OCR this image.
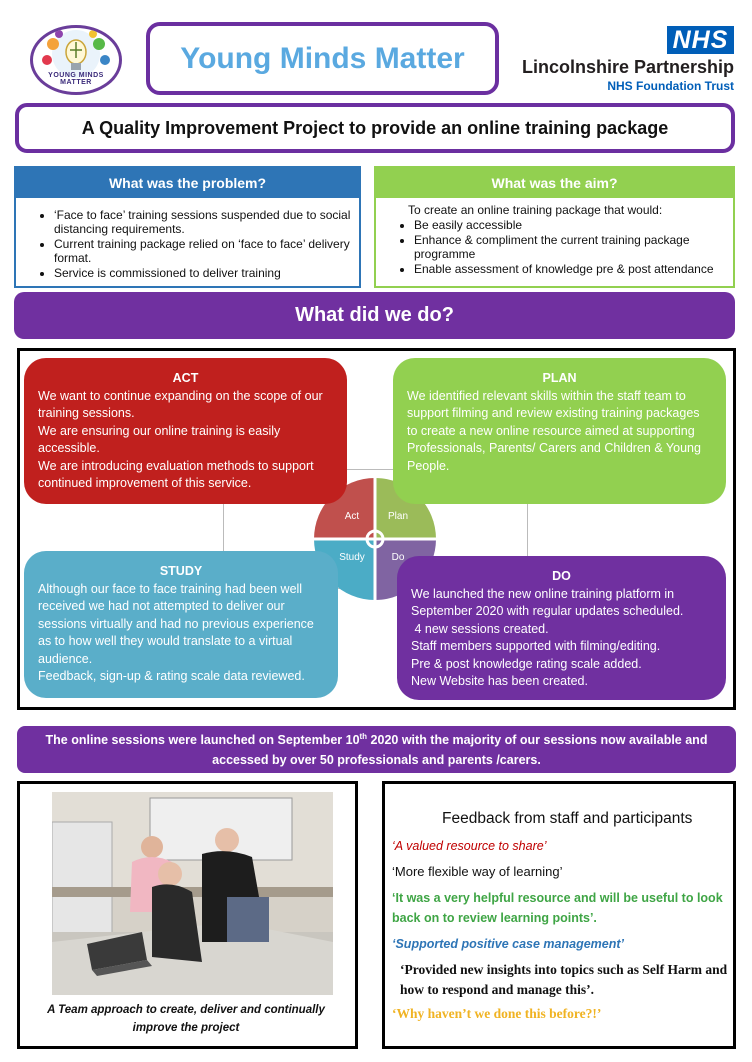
YOUNG MINDS MATTER
Young Minds Matter
NHS
Lincolnshire Partnership
NHS Foundation Trust
A Quality Improvement Project to provide an online training package
What was the problem?
• ‘Face to face’ training sessions suspended due to social distancing requirements.
• Current training package relied on ‘face to face’ delivery format.
• Service is commissioned to deliver training
What was the aim?
To create an online training package that would:
• Be easily accessible
• Enhance & compliment the current training package programme
• Enable assessment of knowledge pre & post attendance
What did we do?
Act	Plan
Study	Do
ACT
We want to continue expanding on the scope of our training sessions.
We are ensuring our online training is easily accessible.
We are introducing evaluation methods to support continued improvement of this service.
PLAN
We identified relevant skills within the staff team to support filming and review existing training packages to create a new online resource aimed at supporting Professionals, Parents/ Carers and Children & Young People.
STUDY
Although our face to face training had been well received we had not attempted to deliver our sessions virtually and had no previous experience as to how well they would translate to a virtual audience.
Feedback, sign-up & rating scale data reviewed.
DO
We launched the new online training platform in September 2020 with regular updates scheduled.
4 new sessions created.
Staff members supported with filming/editing.
Pre & post knowledge rating scale added.
New Website has been created.
The online sessions were launched on September 10th 2020 with the majority of our sessions now available and accessed by over 50 professionals and parents /carers.
A Team approach to create, deliver and continually improve the project
Feedback from staff and participants
‘A valued resource to share’
‘More flexible way of learning’
‘It was a very helpful resource and will be useful to look back on to review learning points’.
‘Supported positive case management’
‘Provided new insights into topics such as Self Harm and how to respond and manage this’.
‘Why haven’t we done this before?!’
